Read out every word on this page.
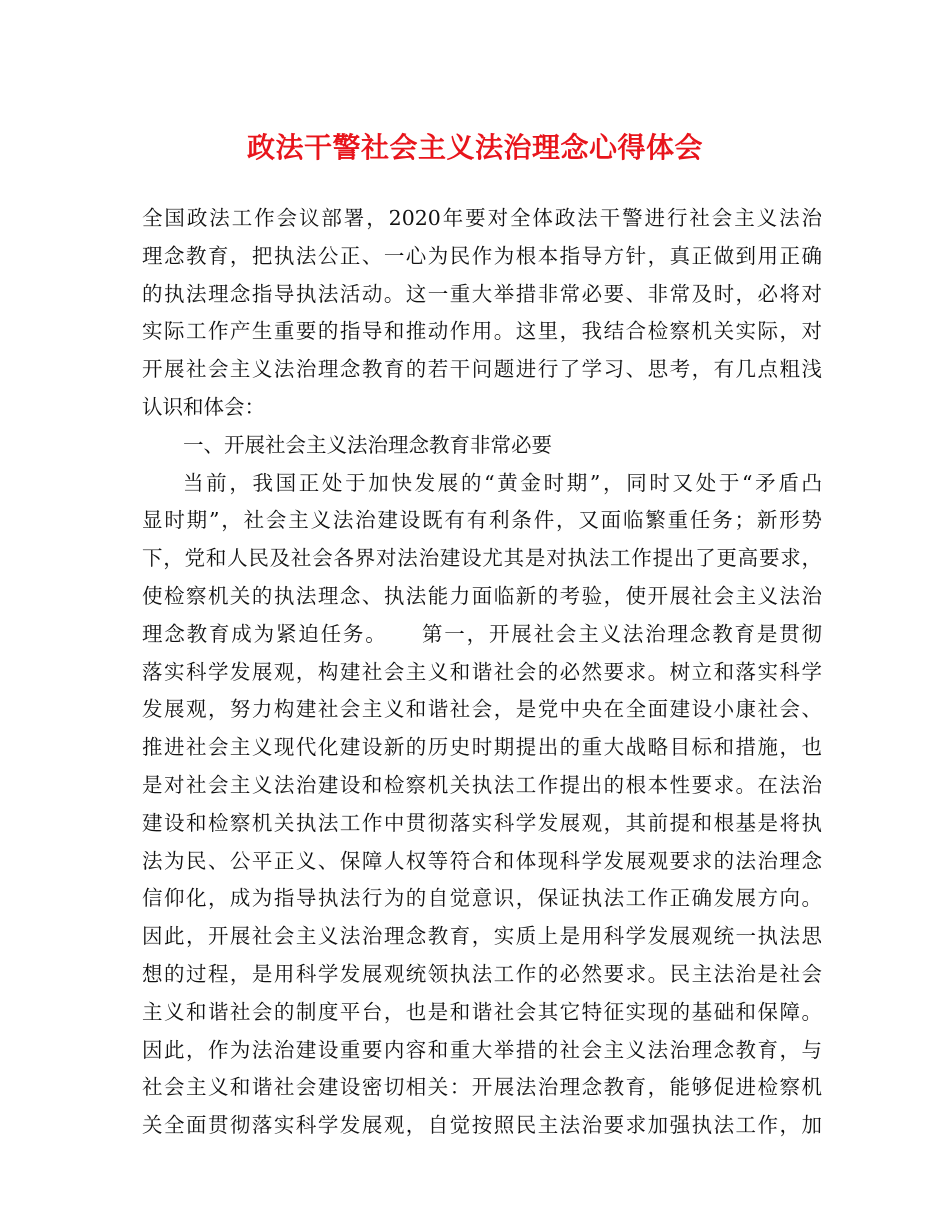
政法干警社会主义法治理念心得体会
全国政法工作会议部署，2020年要对全体政法干警进行社会主义法治
理念教育，把执法公正、一心为民作为根本指导方针，真正做到用正确
的执法理念指导执法活动。这一重大举措非常必要、非常及时，必将对
实际工作产生重要的指导和推动作用。这里，我结合检察机关实际，对
开展社会主义法治理念教育的若干问题进行了学习、思考，有几点粗浅
认识和体会：
一、开展社会主义法治理念教育非常必要
当前，我国正处于加快发展的“黄金时期”，同时又处于“矛盾凸
显时期”，社会主义法治建设既有有利条件，又面临繁重任务；新形势
下，党和人民及社会各界对法治建设尤其是对执法工作提出了更高要求，
使检察机关的执法理念、执法能力面临新的考验，使开展社会主义法治
理念教育成为紧迫任务。　　第一，开展社会主义法治理念教育是贯彻
落实科学发展观，构建社会主义和谐社会的必然要求。树立和落实科学
发展观，努力构建社会主义和谐社会，是党中央在全面建设小康社会、
推进社会主义现代化建设新的历史时期提出的重大战略目标和措施，也
是对社会主义法治建设和检察机关执法工作提出的根本性要求。在法治
建设和检察机关执法工作中贯彻落实科学发展观，其前提和根基是将执
法为民、公平正义、保障人权等符合和体现科学发展观要求的法治理念
信仰化，成为指导执法行为的自觉意识，保证执法工作正确发展方向。
因此，开展社会主义法治理念教育，实质上是用科学发展观统一执法思
想的过程，是用科学发展观统领执法工作的必然要求。民主法治是社会
主义和谐社会的制度平台，也是和谐社会其它特征实现的基础和保障。
因此，作为法治建设重要内容和重大举措的社会主义法治理念教育，与
社会主义和谐社会建设密切相关：开展法治理念教育，能够促进检察机
关全面贯彻落实科学发展观，自觉按照民主法治要求加强执法工作，加
